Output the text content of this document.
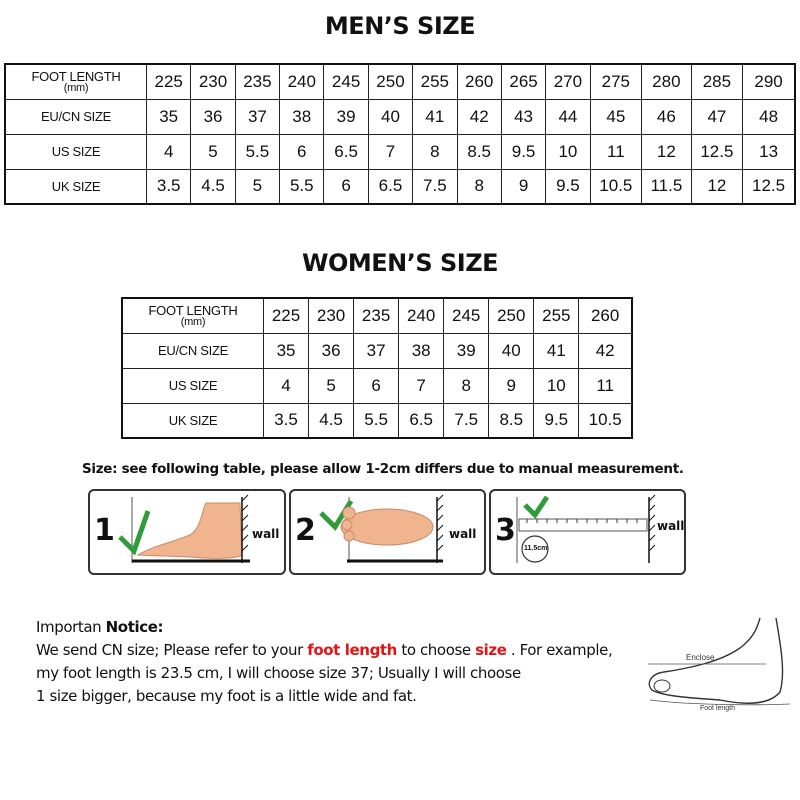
MEN’S SIZE
FOOT LENGTH
(mm)	225	230	235	240	245	250	255	260	265	270	275	280	285	290

EU/CN SIZE	35	36	37	38	39	40	41	42	43	44	45	46	47	48

US SIZE	4	5	5.5	6	6.5	7	8	8.5	9.5	10	11	12	12.5	13

UK SIZE	3.5	4.5	5	5.5	6	6.5	7.5	8	9	9.5	10.5	11.5	12	12.5
WOMEN’S SIZE
FOOT LENGTH
(mm)	225	230	235	240	245	250	255	260

EU/CN SIZE	35	36	37	38	39	40	41	42

US SIZE	4	5	6	7	8	9	10	11

UK SIZE	3.5	4.5	5.5	6.5	7.5	8.5	9.5	10.5
Size: see following table, please allow 1-2cm differs due to manual measurement.
1	wall 2	wall 3
11.5cm
wall
Importan Notice:
We send CN size; Please refer to your foot length to choose size . For example,
my foot length is 23.5 cm, I will choose size 37; Usually I will choose
1 size bigger, because my foot is a little wide and fat.
Enclose
Foot length
